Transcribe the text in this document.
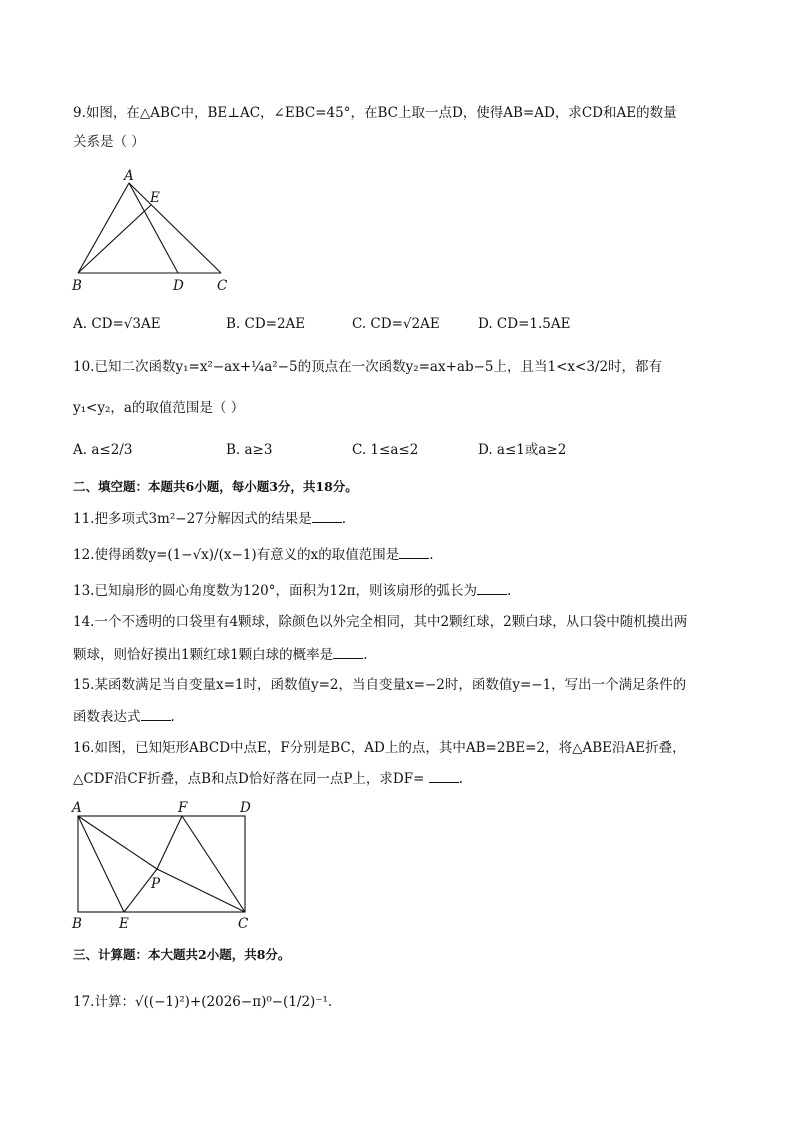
9.如图，在△ABC中，BE⊥AC，∠EBC=45°，在BC上取一点D，使得AB=AD，求CD和AE的数量
关系是（ ）
A
E
B	D C
A. CD=√3AE	B. CD=2AE	C. CD=√2AE	D. CD=1.5AE
10.已知二次函数y₁=x²−ax+¼a²−5的顶点在一次函数y₂=ax+ab−5上，且当1<x<3/2时，都有
y₁<y₂，a的取值范围是（ ）
A. a≤2/3	B. a≥3	C. 1≤a≤2	D. a≤1或a≥2
二、填空题：本题共6小题，每小题3分，共18分。
11.把多项式3m²−27分解因式的结果是 .
12.使得函数y=(1−√x)/(x−1)有意义的x的取值范围是 .
13.已知扇形的圆心角度数为120°，面积为12π，则该扇形的弧长为 .
14.一个不透明的口袋里有4颗球，除颜色以外完全相同，其中2颗红球，2颗白球，从口袋中随机摸出两
颗球，则恰好摸出1颗红球1颗白球的概率是 .
15.某函数满足当自变量x=1时，函数值y=2，当自变量x=−2时，函数值y=−1，写出一个满足条件的
函数表达式 .
16.如图，已知矩形ABCD中点E，F分别是BC，AD上的点，其中AB=2BE=2，将△ABE沿AE折叠，
△CDF沿CF折叠，点B和点D恰好落在同一点P上，求DF=	.
A	F	D
P
B	E	C
三、计算题：本大题共2小题，共8分。
17.计算：√((−1)²)+(2026−π)⁰−(1/2)⁻¹.
